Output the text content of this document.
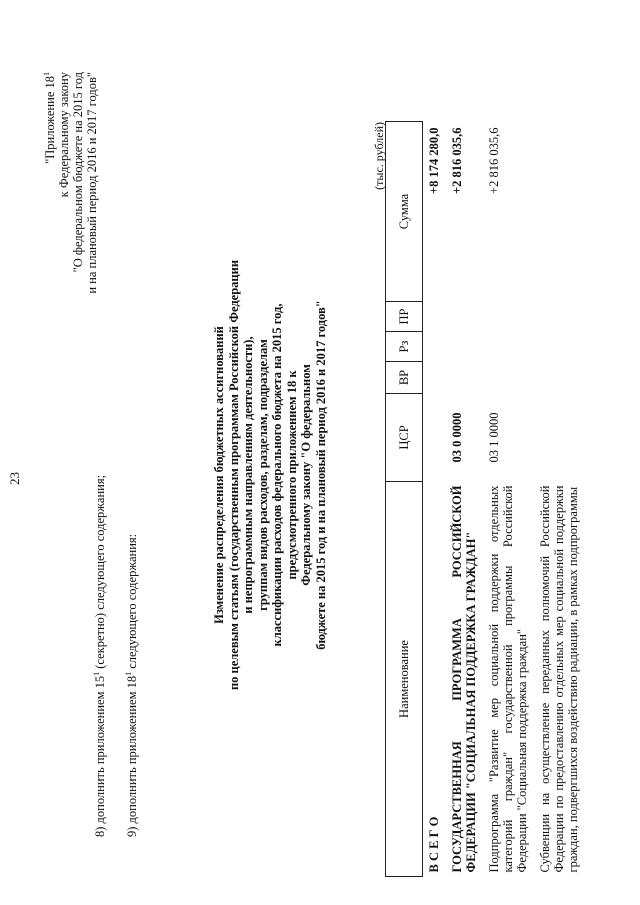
23
8) дополнить приложением $15^1$ (секретно) следующего содержания;
9) дополнить приложением $18^1$ следующего содержания:
"Приложение $18^1$ к Федеральному закону "О федеральном бюджете на 2015 год и на плановый период 2016 и 2017 годов"
Изменение распределения бюджетных ассигнований по целевым статьям (государственным программам Российской Федерации и непрограммным направлениям деятельности), группам видов расходов, разделам, подразделам классификации расходов федерального бюджета на 2015 год, предусмотренного приложением 18 к Федеральному закону "О федеральном бюджете на 2015 год и на плановый период 2016 и 2017 годов"
(тыс. рублей)
Наименование	ЦСР	ВР	Рз	ПР	Сумма
В С Е Г О					+8 174 280,0
ГОСУДАРСТВЕННАЯ ПРОГРАММА РОССИЙСКОЙ ФЕДЕРАЦИИ "СОЦИАЛЬНАЯ ПОДДЕРЖКА ГРАЖДАН"	03 0 0000				+2 816 035,6
Подпрограмма "Развитие мер социальной поддержки отдельных категорий граждан" государственной программы Российской Федерации "Социальная поддержка граждан"	03 1 0000				+2 816 035,6
Субвенции на осуществление переданных полномочий Российской Федерации по предоставлению отдельных мер социальной поддержки граждан, подвергшихся воздействию радиации, в рамках подпрограммы					
